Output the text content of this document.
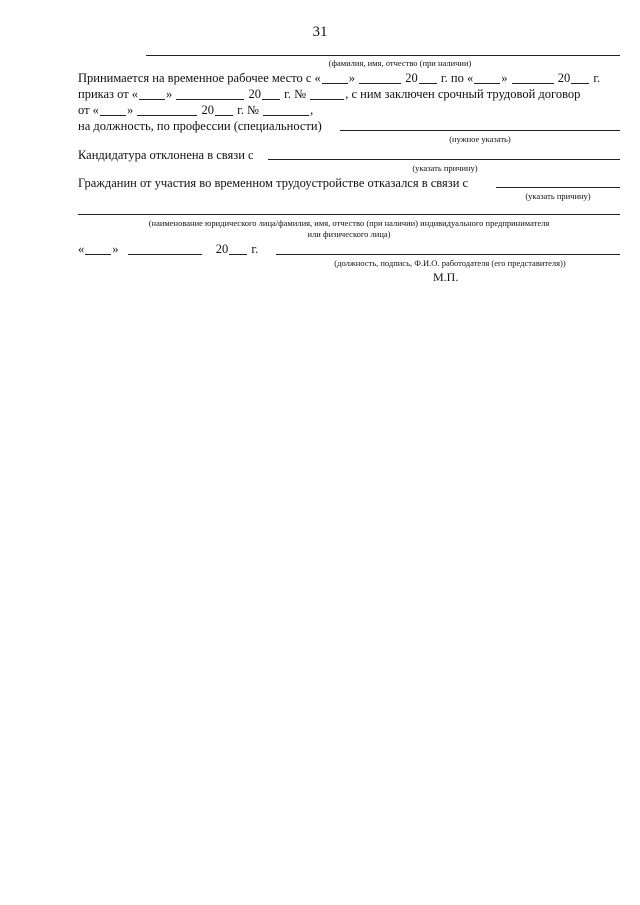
31
(фамилия, имя, отчество (при наличии)
Принимается на временное рабочее место с « »	20 г. по « »	20 г.
приказ от « »	20 г. №	, с ним заключен срочный трудовой договор
от « »	20 г. №	,
на должность, по профессии (специальности)
(нужное указать)
Кандидатура отклонена в связи с
(указать причину)
Гражданин от участия во временном трудоустройстве отказался в связи с
(указать причину)
(наименование юридического лица/фамилия, имя, отчество (при наличии) индивидуального предпринимателя
или физического лица)
« »	20 г.
(должность, подпись, Ф.И.О. работодателя (его представителя))
М.П.
